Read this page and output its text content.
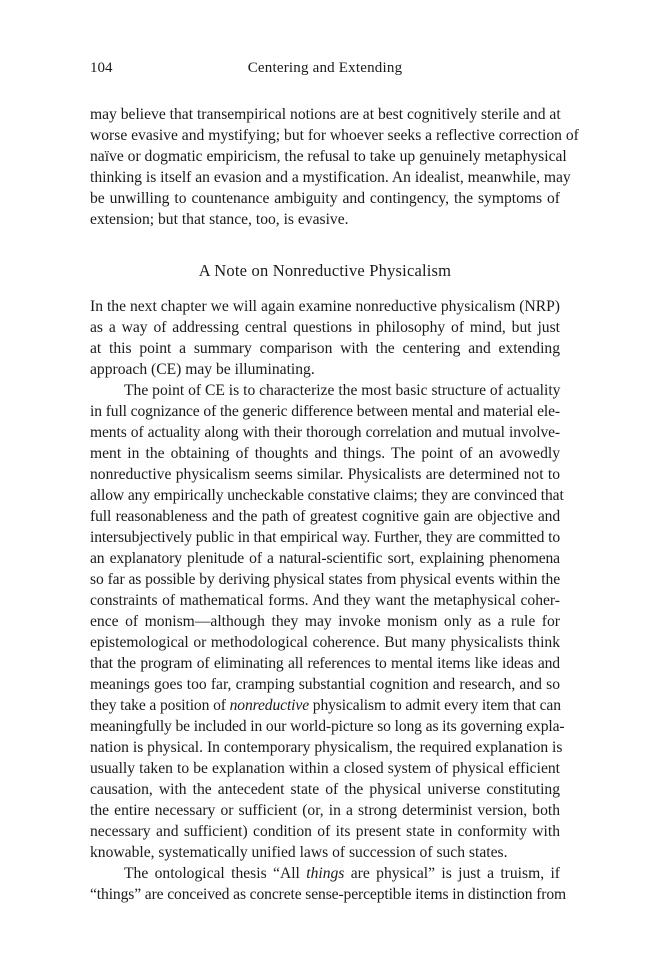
104	Centering and Extending
may believe that transempirical notions are at best cognitively sterile and at
worse evasive and mystifying; but for whoever seeks a reflective correction of
naïve or dogmatic empiricism, the refusal to take up genuinely metaphysical
thinking is itself an evasion and a mystification. An idealist, meanwhile, may
be unwilling to countenance ambiguity and contingency, the symptoms of
extension; but that stance, too, is evasive.
A Note on Nonreductive Physicalism
In the next chapter we will again examine nonreductive physicalism (NRP)
as a way of addressing central questions in philosophy of mind, but just
at this point a summary comparison with the centering and extending
approach (CE) may be illuminating.
The point of CE is to characterize the most basic structure of actuality
in full cognizance of the generic difference between mental and material ele-
ments of actuality along with their thorough correlation and mutual involve-
ment in the obtaining of thoughts and things. The point of an avowedly
nonreductive physicalism seems similar. Physicalists are determined not to
allow any empirically uncheckable constative claims; they are convinced that
full reasonableness and the path of greatest cognitive gain are objective and
intersubjectively public in that empirical way. Further, they are committed to
an explanatory plenitude of a natural-scientific sort, explaining phenomena
so far as possible by deriving physical states from physical events within the
constraints of mathematical forms. And they want the metaphysical coher-
ence of monism—although they may invoke monism only as a rule for
epistemological or methodological coherence. But many physicalists think
that the program of eliminating all references to mental items like ideas and
meanings goes too far, cramping substantial cognition and research, and so
they take a position of nonreductive physicalism to admit every item that can
meaningfully be included in our world-picture so long as its governing expla-
nation is physical. In contemporary physicalism, the required explanation is
usually taken to be explanation within a closed system of physical efficient
causation, with the antecedent state of the physical universe constituting
the entire necessary or sufficient (or, in a strong determinist version, both
necessary and sufficient) condition of its present state in conformity with
knowable, systematically unified laws of succession of such states.
The ontological thesis “All things are physical” is just a truism, if
“things” are conceived as concrete sense-perceptible items in distinction from
